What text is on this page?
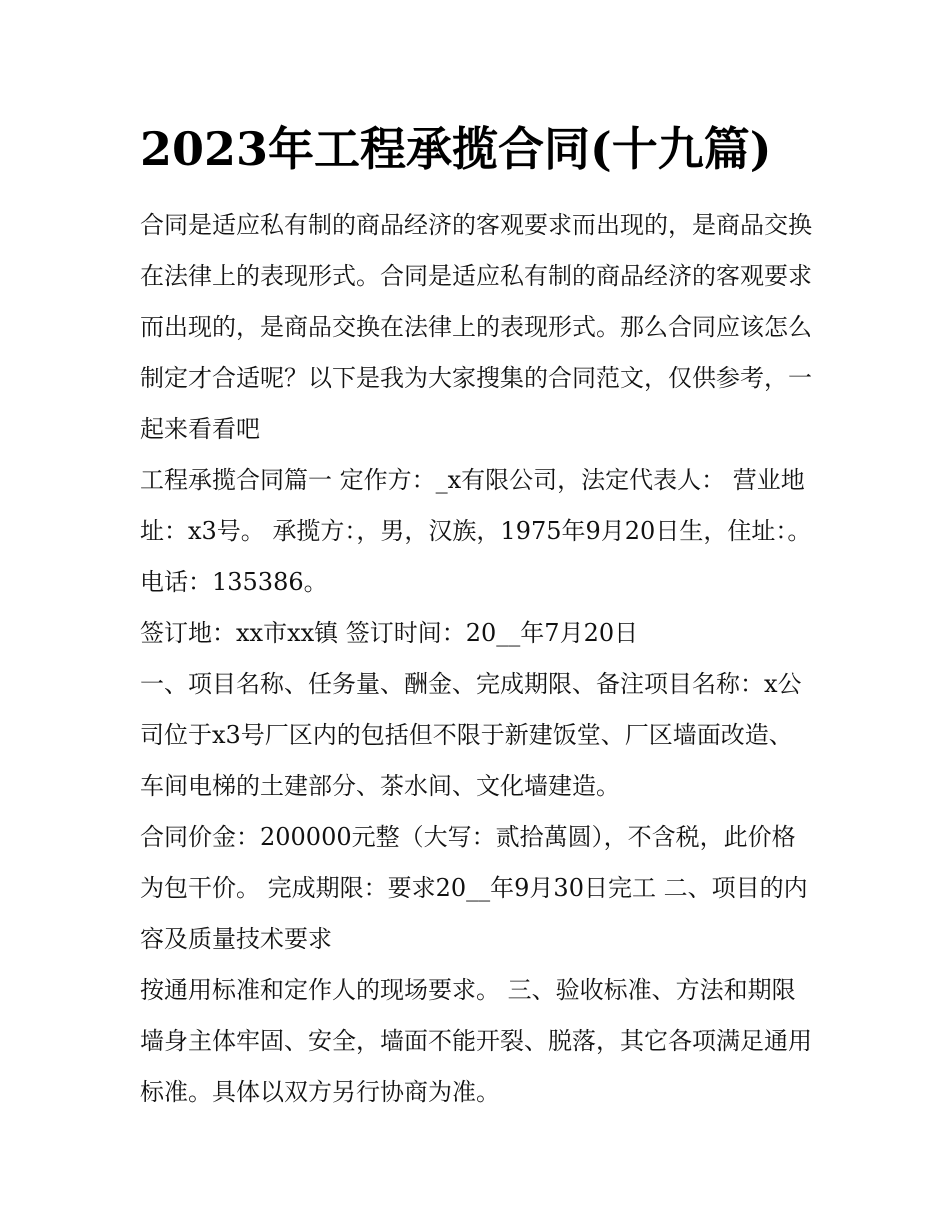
2023年工程承揽合同(十九篇)

合同是适应私有制的商品经济的客观要求而出现的，是商品交换在法律上的表现形式。合同是适应私有制的商品经济的客观要求而出现的，是商品交换在法律上的表现形式。那么合同应该怎么制定才合适呢？以下是我为大家搜集的合同范文，仅供参考，一起来看看吧

工程承揽合同篇一 定作方：_x有限公司，法定代表人： 营业地址：x3号。 承揽方：，男，汉族，1975年9月20日生，住址：。电话：135386。

签订地：xx市xx镇 签订时间：20__年7月20日

一、项目名称、任务量、酬金、完成期限、备注项目名称：x公司位于x3号厂区内的包括但不限于新建饭堂、厂区墙面改造、车间电梯的土建部分、茶水间、文化墙建造。

合同价金：200000元整（大写：贰拾萬圆），不含税，此价格为包干价。 完成期限：要求20__年9月30日完工 二、项目的内容及质量技术要求

按通用标准和定作人的现场要求。 三、验收标准、方法和期限 墙身主体牢固、安全，墙面不能开裂、脱落，其它各项满足通用标准。具体以双方另行协商为准。
